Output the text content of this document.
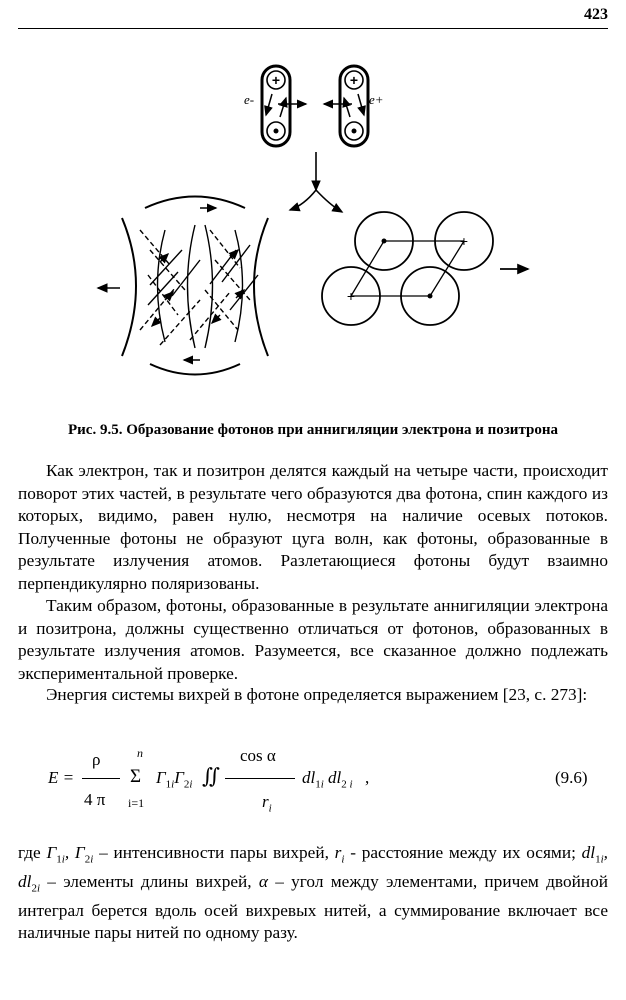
423
+
e-
+
e+
+
+
Рис. 9.5. Образование фотонов при аннигиляции электрона и позитрона

Как электрон, так и позитрон делятся каждый на четыре части, происходит поворот этих частей, в результате чего образуются два фотона, спин каждого из которых, видимо, равен нулю, несмотря на наличие осевых потоков. Полученные фотоны не образуют цуга волн, как фотоны, образованные в результате излучения атомов. Разлетающиеся фотоны будут взаимно перпендикулярно поляризованы.

Таким образом, фотоны, образованные в результате аннигиляции электрона и позитрона, должны существенно отличаться от фотонов, образованных в результате излучения атомов. Разумеется, все сказанное должно подлежать экспериментальной проверке.

Энергия системы вихрей в фотоне определяется выражением [23, с. 273]:

E =
ρ
4 π
n
Σ
i=1
$\Gamma_{1i}\Gamma_{2i}$ ∬
cos α
$r_i$
$dl_{1i}$ $dl_{2 i}$ ,	(9.6)

где $\Gamma_{1i}$, $\Gamma_{2i}$ – интенсивности пары вихрей, $r_i$ - расстояние между их осями; $dl_{1i}$, $dl_{2i}$ – элементы длины вихрей, α – угол между элементами, причем двойной интеграл берется вдоль осей вихревых нитей, а суммирование включает все наличные пары нитей по одному разу.
